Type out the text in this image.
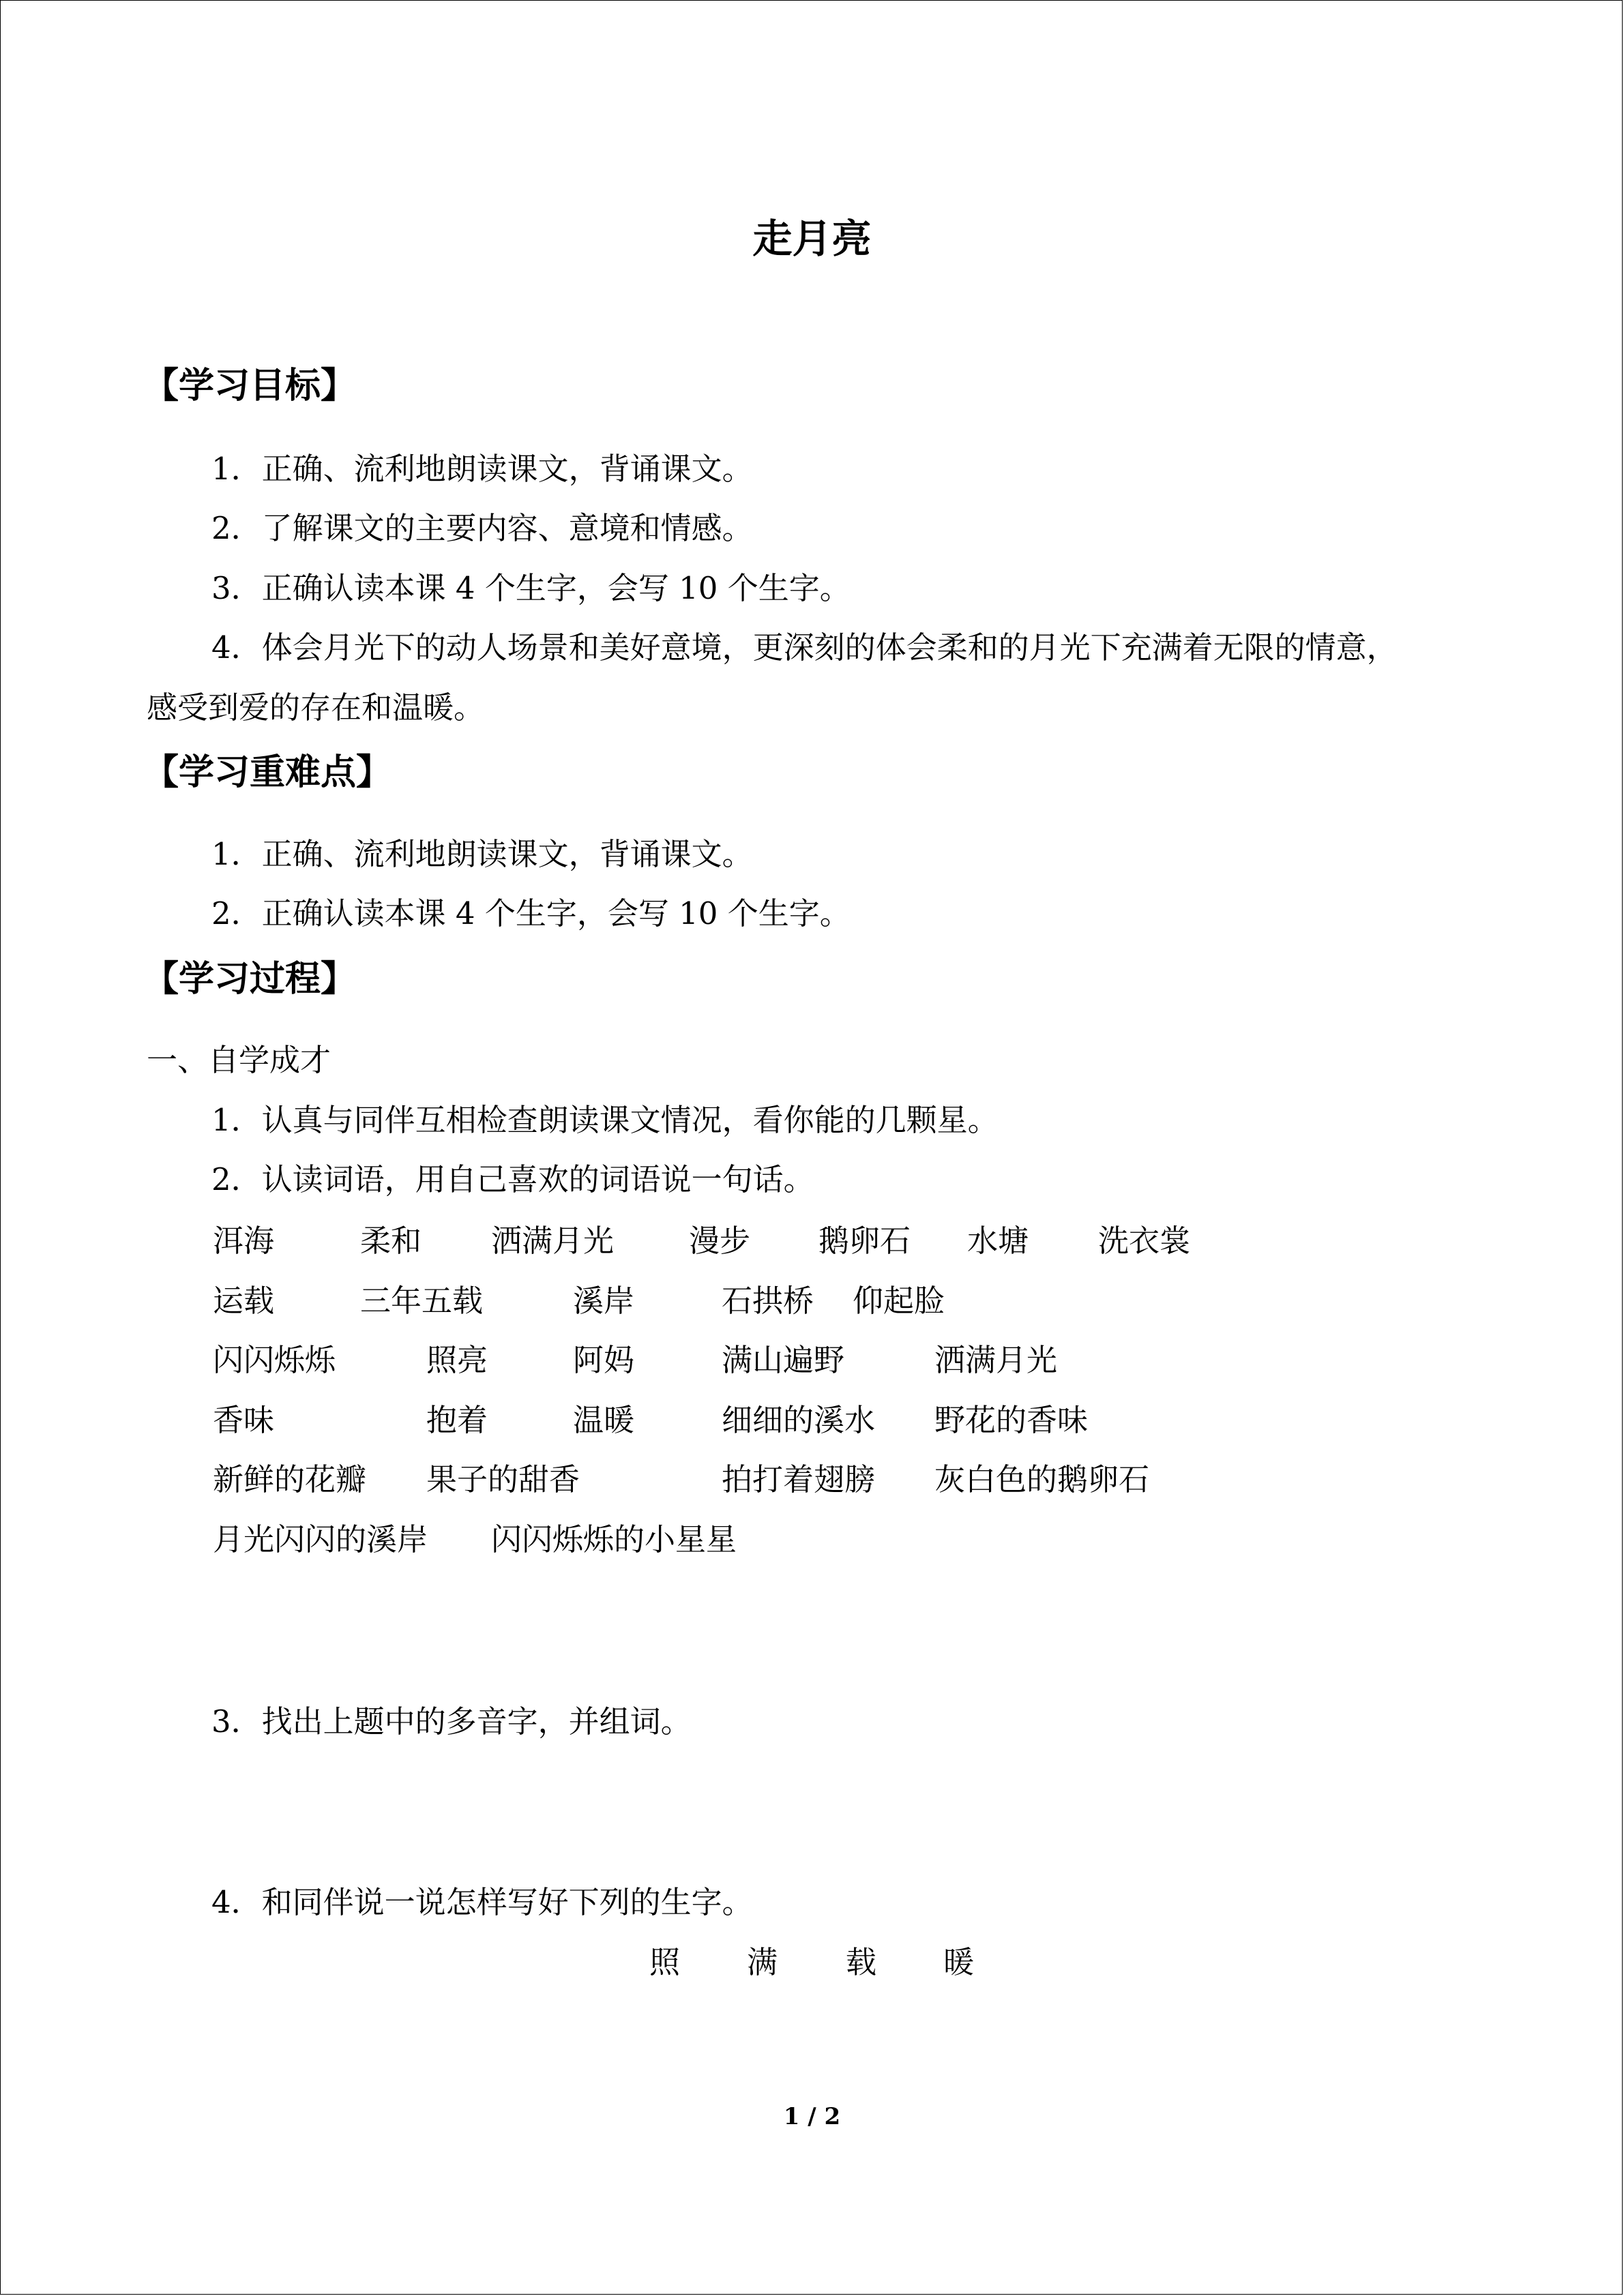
走月亮
【学习目标】
1．正确、流利地朗读课文，背诵课文。
2．了解课文的主要内容、意境和情感。
3．正确认读本课 4 个生字，会写 10 个生字。
4．体会月光下的动人场景和美好意境，更深刻的体会柔和的月光下充满着无限的情意，
感受到爱的存在和温暖。
【学习重难点】
1．正确、流利地朗读课文，背诵课文。
2．正确认读本课 4 个生字，会写 10 个生字。
【学习过程】
一、自学成才
1．认真与同伴互相检查朗读课文情况，看你能的几颗星。
2．认读词语，用自己喜欢的词语说一句话。
洱海	柔和 洒满月光 漫步 鹅卵石 水塘 洗衣裳
运载	三年五载	溪岸	石拱桥 仰起脸
闪闪烁烁	照亮	阿妈	满山遍野	洒满月光
香味	抱着	温暖	细细的溪水 野花的香味
新鲜的花瓣 果子的甜香	拍打着翅膀 灰白色的鹅卵石
月光闪闪的溪岸 闪闪烁烁的小星星
3．找出上题中的多音字，并组词。
4．和同伴说一说怎样写好下列的生字。
照 满 载 暖
1 / 2
